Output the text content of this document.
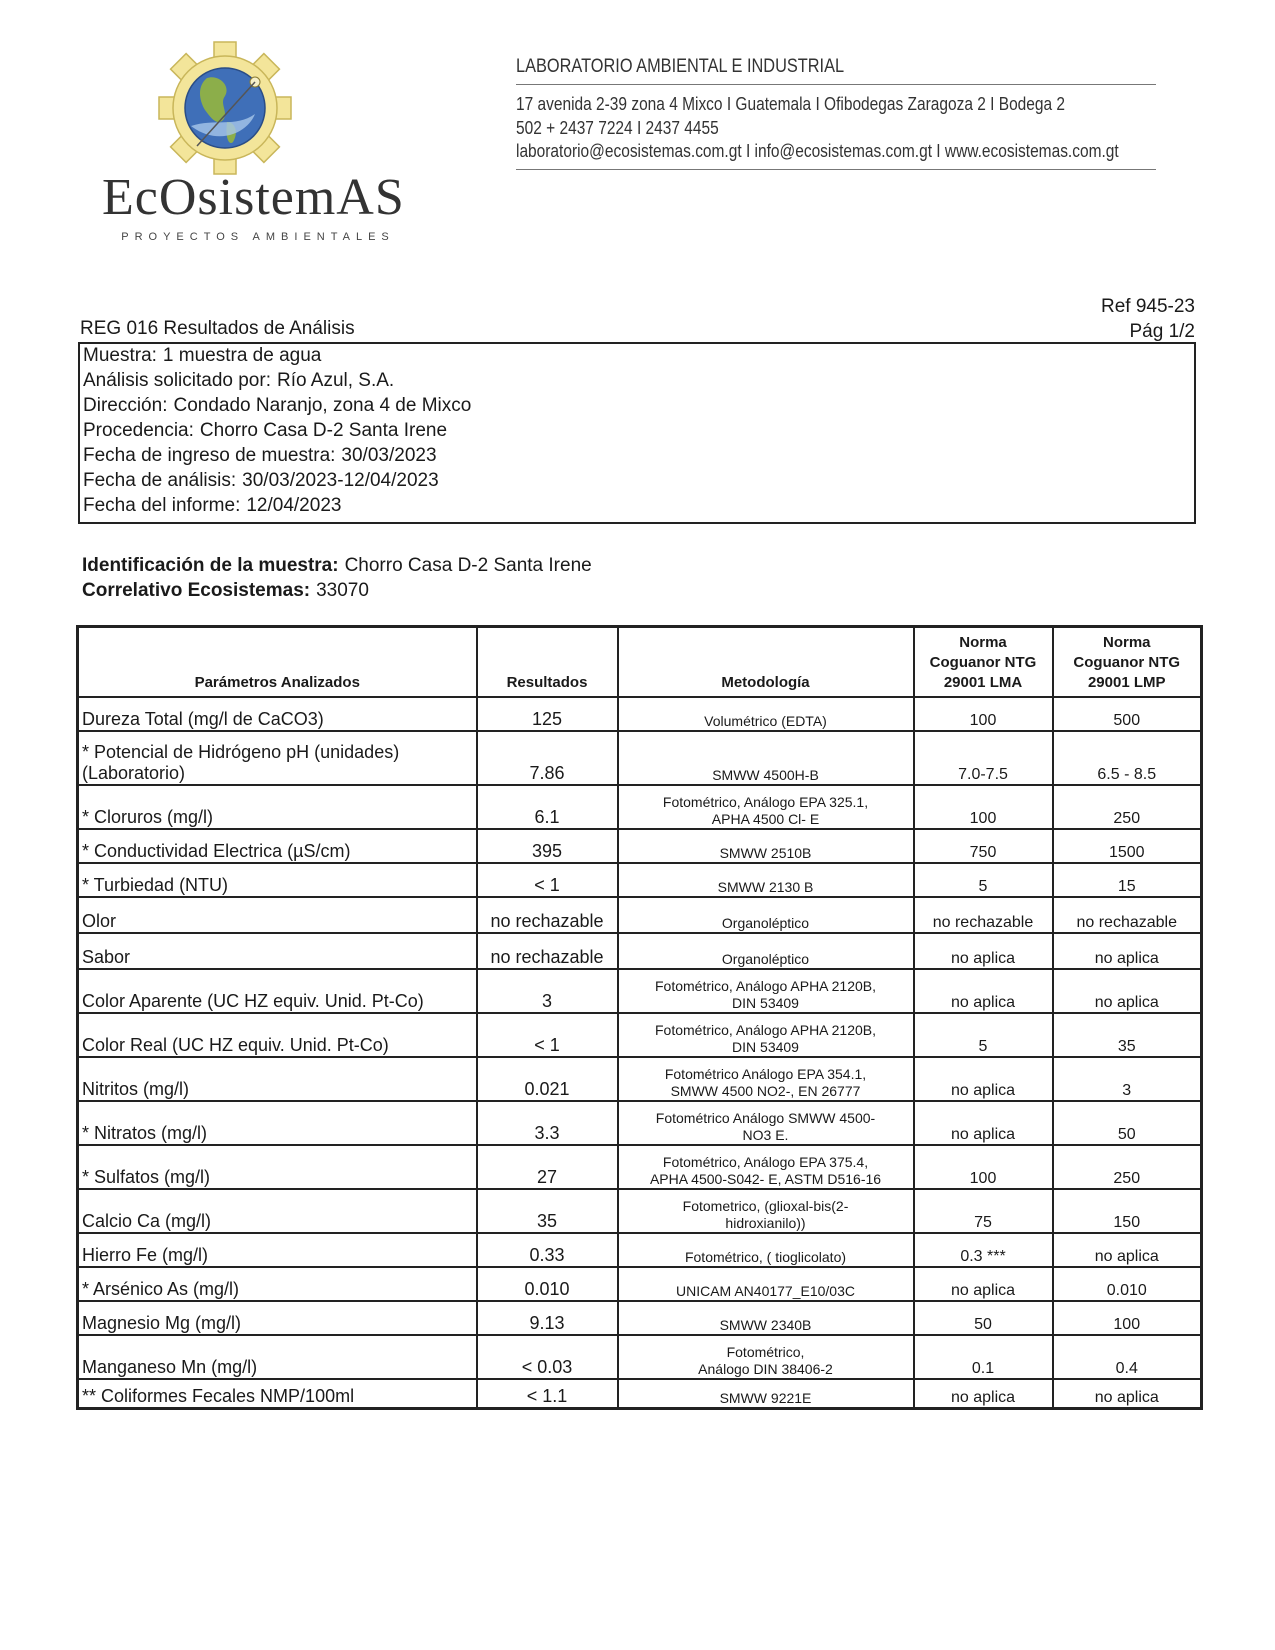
EcOsistemAS
PROYECTOS AMBIENTALES
LABORATORIO AMBIENTAL E INDUSTRIAL
17 avenida 2-39 zona 4 Mixco I Guatemala I Ofibodegas Zaragoza 2 I Bodega 2
502 + 2437 7224 I 2437 4455
laboratorio@ecosistemas.com.gt I info@ecosistemas.com.gt I www.ecosistemas.com.gt
Ref 945-23
Pág 1/2
REG 016 Resultados de Análisis
Muestra: 1 muestra de agua
Análisis solicitado por: Río Azul, S.A.
Dirección: Condado Naranjo, zona 4 de Mixco
Procedencia: Chorro Casa D-2 Santa Irene
Fecha de ingreso de muestra: 30/03/2023
Fecha de análisis: 30/03/2023-12/04/2023
Fecha del informe: 12/04/2023
Identificación de la muestra: Chorro Casa D-2 Santa Irene
Correlativo Ecosistemas: 33070
Parámetros Analizados	Resultados	Metodología	Norma
Coguanor NTG
29001 LMA	Norma
Coguanor NTG
29001 LMP
Dureza Total (mg/l de CaCO3)	125	Volumétrico (EDTA)	100	500
* Potencial de Hidrógeno pH (unidades)
(Laboratorio)	7.86	SMWW 4500H-B	7.0-7.5	6.5 - 8.5
* Cloruros (mg/l)	6.1	Fotométrico, Análogo EPA 325.1,
APHA 4500 Cl- E	100	250
* Conductividad Electrica (µS/cm)	395	SMWW 2510B	750	1500
* Turbiedad (NTU)	< 1	SMWW 2130 B	5	15
Olor	no rechazable	Organoléptico	no rechazable	no rechazable
Sabor	no rechazable	Organoléptico	no aplica	no aplica
Color Aparente (UC HZ equiv. Unid. Pt-Co)	3	Fotométrico, Análogo APHA 2120B,
DIN 53409	no aplica	no aplica
Color Real (UC HZ equiv. Unid. Pt-Co)	< 1	Fotométrico, Análogo APHA 2120B,
DIN 53409	5	35
Nitritos (mg/l)	0.021	Fotométrico Análogo EPA 354.1,
SMWW 4500 NO2-, EN 26777	no aplica	3
* Nitratos (mg/l)	3.3	Fotométrico Análogo SMWW 4500-
NO3 E.	no aplica	50
* Sulfatos (mg/l)	27	Fotométrico, Análogo EPA 375.4,
APHA 4500-S042- E, ASTM D516-16	100	250
Calcio Ca (mg/l)	35	Fotometrico, (glioxal-bis(2-
hidroxianilo))	75	150
Hierro Fe (mg/l)	0.33	Fotométrico, ( tioglicolato)	0.3 ***	no aplica
* Arsénico As (mg/l)	0.010	UNICAM AN40177_E10/03C	no aplica	0.010
Magnesio Mg (mg/l)	9.13	SMWW 2340B	50	100
Manganeso Mn (mg/l)	< 0.03	Fotométrico,
Análogo DIN 38406-2	0.1	0.4
** Coliformes Fecales NMP/100ml	< 1.1	SMWW 9221E	no aplica	no aplica
